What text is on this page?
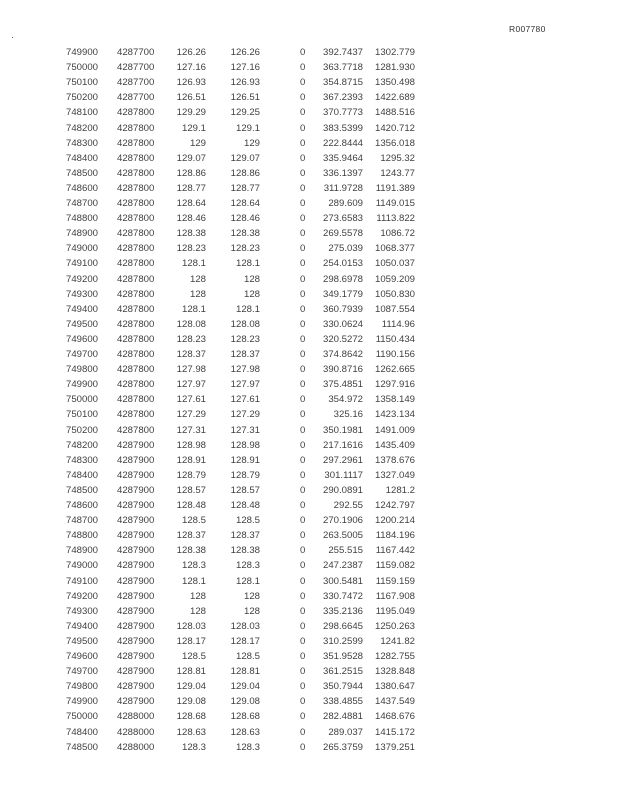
R007780
749900	4287700	126.26	126.26	0	392.7437	1302.779
750000	4287700	127.16	127.16	0	363.7718	1281.930
750100	4287700	126.93	126.93	0	354.8715	1350.498
750200	4287700	126.51	126.51	0	367.2393	1422.689
748100	4287800	129.29	129.25	0	370.7773	1488.516
748200	4287800	129.1	129.1	0	383.5399	1420.712
748300	4287800	129	129	0	222.8444	1356.018
748400	4287800	129.07	129.07	0	335.9464	1295.32
748500	4287800	128.86	128.86	0	336.1397	1243.77
748600	4287800	128.77	128.77	0	311.9728	1191.389
748700	4287800	128.64	128.64	0	289.609	1149.015
748800	4287800	128.46	128.46	0	273.6583	1113.822
748900	4287800	128.38	128.38	0	269.5578	1086.72
749000	4287800	128.23	128.23	0	275.039	1068.377
749100	4287800	128.1	128.1	0	254.0153	1050.037
749200	4287800	128	128	0	298.6978	1059.209
749300	4287800	128	128	0	349.1779	1050.830
749400	4287800	128.1	128.1	0	360.7939	1087.554
749500	4287800	128.08	128.08	0	330.0624	1114.96
749600	4287800	128.23	128.23	0	320.5272	1150.434
749700	4287800	128.37	128.37	0	374.8642	1190.156
749800	4287800	127.98	127.98	0	390.8716	1262.665
749900	4287800	127.97	127.97	0	375.4851	1297.916
750000	4287800	127.61	127.61	0	354.972	1358.149
750100	4287800	127.29	127.29	0	325.16	1423.134
750200	4287800	127.31	127.31	0	350.1981	1491.009
748200	4287900	128.98	128.98	0	217.1616	1435.409
748300	4287900	128.91	128.91	0	297.2961	1378.676
748400	4287900	128.79	128.79	0	301.1117	1327.049
748500	4287900	128.57	128.57	0	290.0891	1281.2
748600	4287900	128.48	128.48	0	292.55	1242.797
748700	4287900	128.5	128.5	0	270.1906	1200.214
748800	4287900	128.37	128.37	0	263.5005	1184.196
748900	4287900	128.38	128.38	0	255.515	1167.442
749000	4287900	128.3	128.3	0	247.2387	1159.082
749100	4287900	128.1	128.1	0	300.5481	1159.159
749200	4287900	128	128	0	330.7472	1167.908
749300	4287900	128	128	0	335.2136	1195.049
749400	4287900	128.03	128.03	0	298.6645	1250.263
749500	4287900	128.17	128.17	0	310.2599	1241.82
749600	4287900	128.5	128.5	0	351.9528	1282.755
749700	4287900	128.81	128.81	0	361.2515	1328.848
749800	4287900	129.04	129.04	0	350.7944	1380.647
749900	4287900	129.08	129.08	0	338.4855	1437.549
750000	4288000	128.68	128.68	0	282.4881	1468.676
748400	4288000	128.63	128.63	0	289.037	1415.172
748500	4288000	128.3	128.3	0	265.3759	1379.251
